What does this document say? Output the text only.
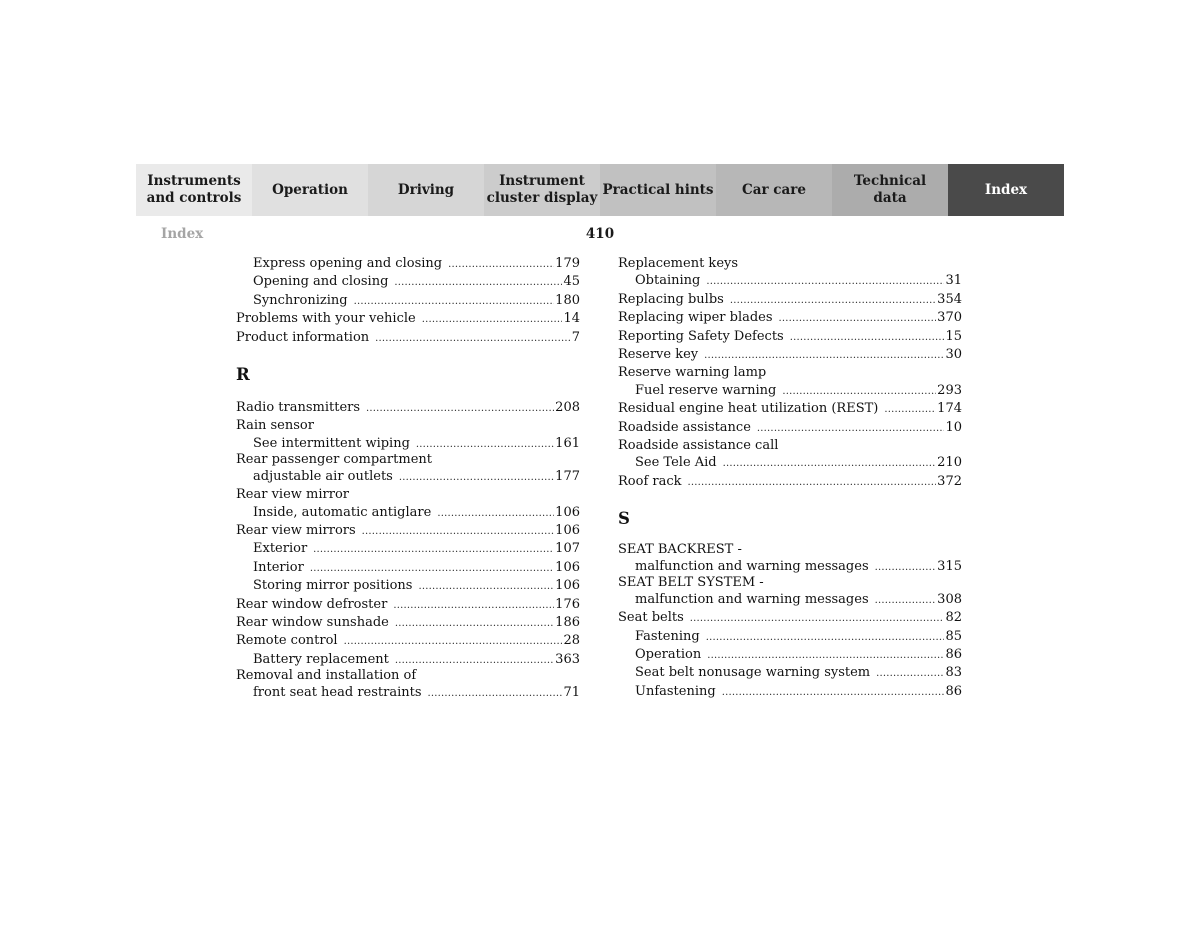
Instruments
and controls
Operation	Driving
Instrument
cluster display
Practical hints	Car care
Technical
data
Index
Index	410
Express opening and closing .....	179
Opening and closing .....	45
Synchronizing .....	180
Problems with your vehicle .....	14
Product information .....	7
R
Radio transmitters .....	208
Rain sensor
See intermittent wiping .....	161
Rear passenger compartment
adjustable air outlets .....	177
Rear view mirror
Inside, automatic antiglare .....	106
Rear view mirrors .....	106
Exterior .....	107
Interior .....	106
Storing mirror positions .....	106
Rear window defroster .....	176
Rear window sunshade .....	186
Remote control .....	28
Battery replacement .....	363
Removal and installation of
front seat head restraints .....	71
Replacement keys
Obtaining .....	31
Replacing bulbs .....	354
Replacing wiper blades .....	370
Reporting Safety Defects .....	15
Reserve key .....	30
Reserve warning lamp
Fuel reserve warning .....	293
Residual engine heat utilization (REST) .....	174
Roadside assistance .....	10
Roadside assistance call
See Tele Aid .....	210
Roof rack .....	372
S
SEAT BACKREST -
malfunction and warning messages .....	315
SEAT BELT SYSTEM -
malfunction and warning messages .....	308
Seat belts .....	82
Fastening .....	85
Operation .....	86
Seat belt nonusage warning system .....	83
Unfastening .....	86
